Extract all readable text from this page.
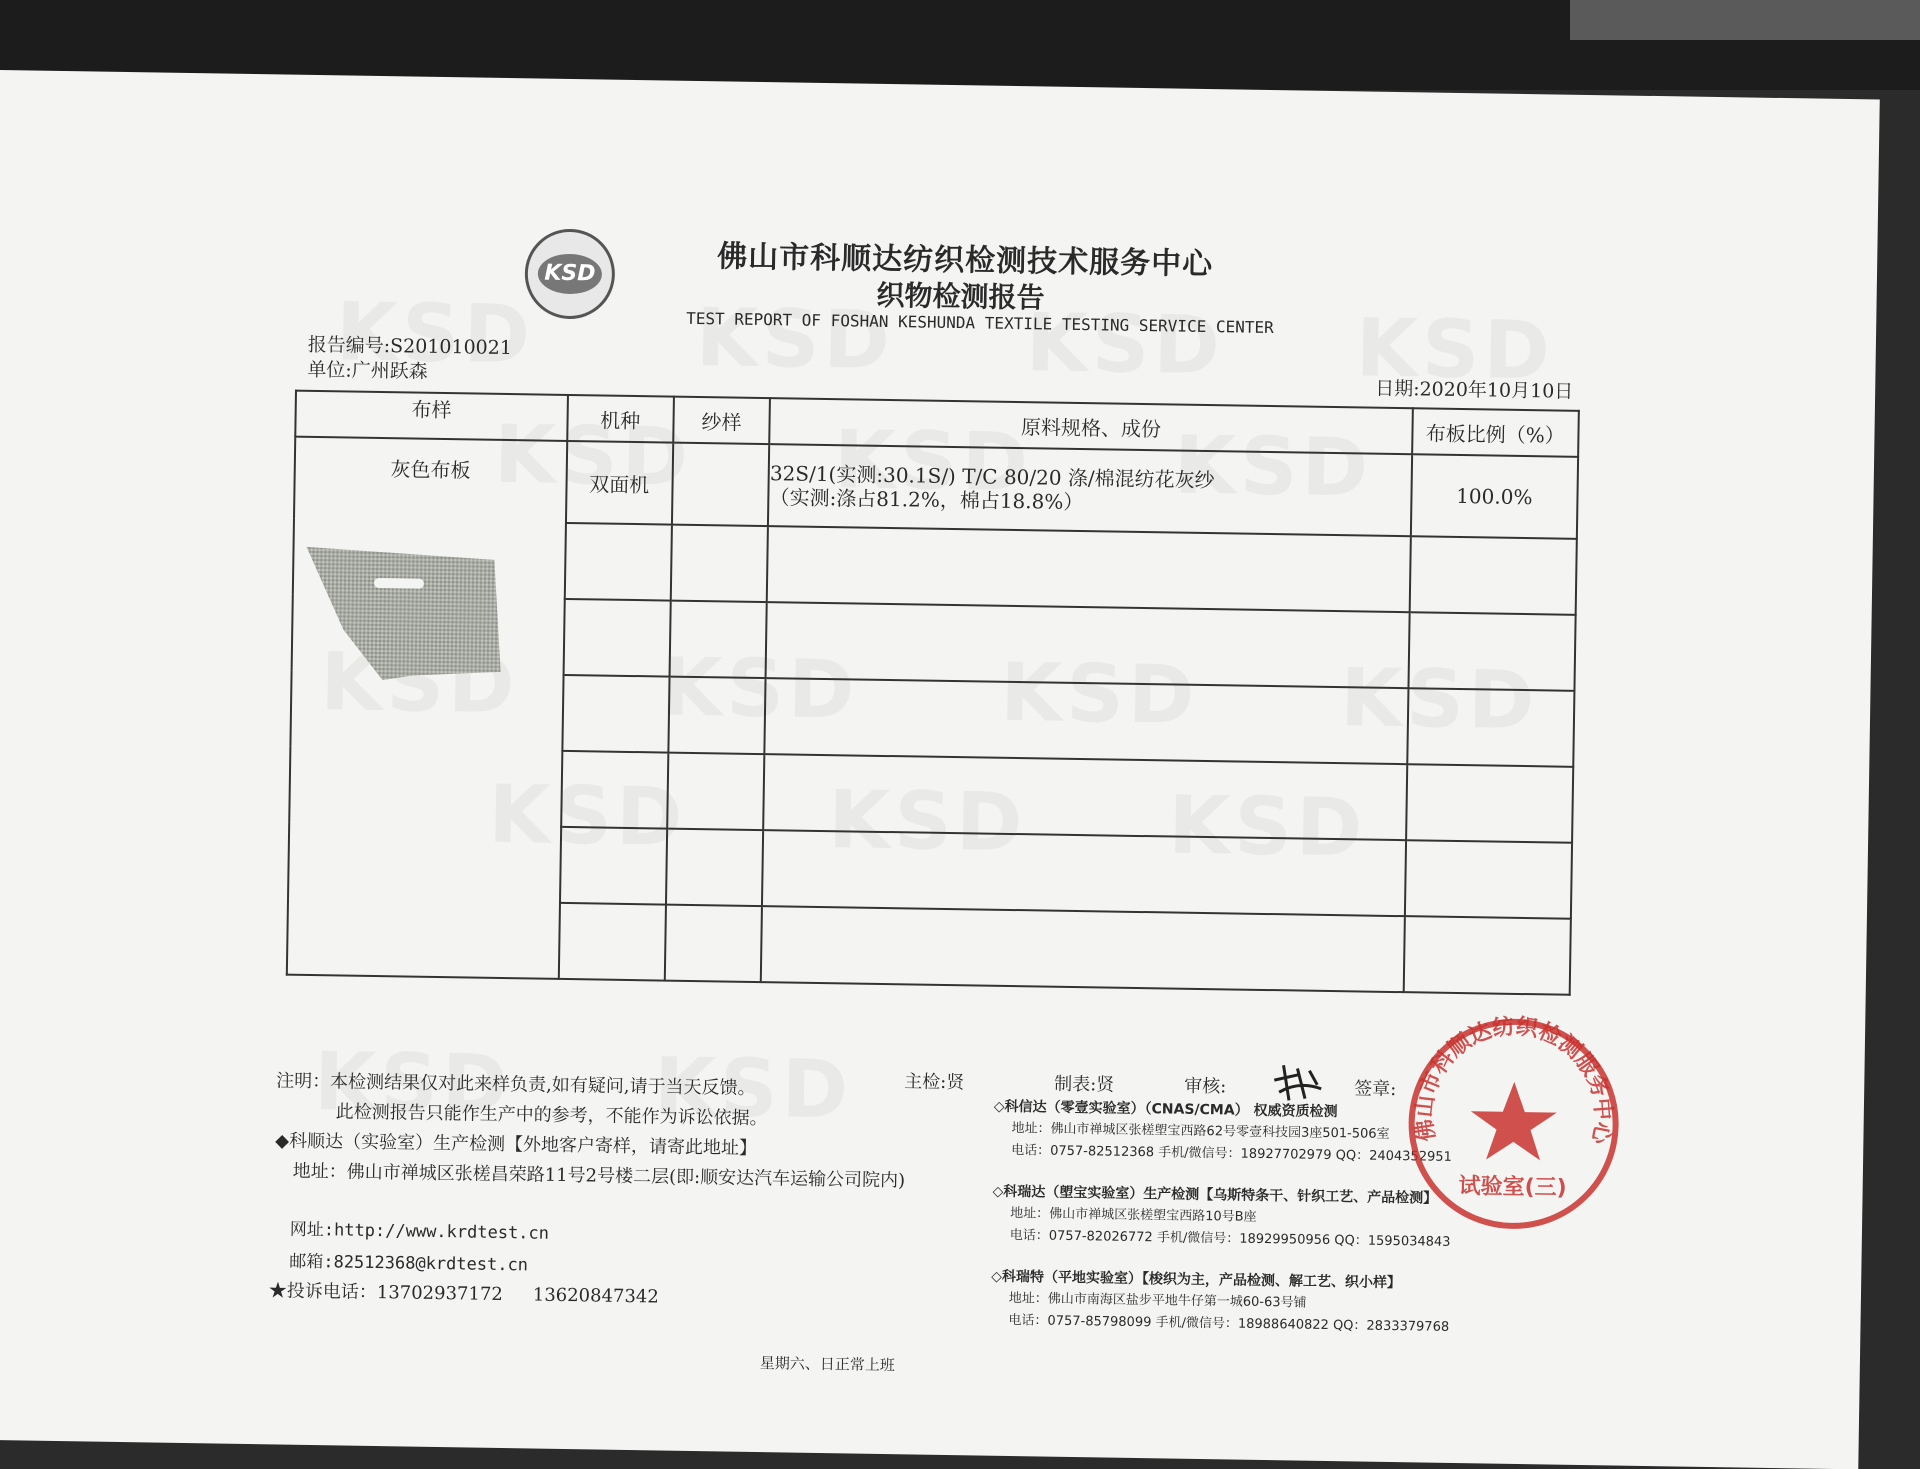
KSD	佛山市科顺达纺织检测技术服务中心
织物检测报告
TEST REPORT OF FOSHAN KESHUNDA TEXTILE TESTING SERVICE CENTER
报告编号:S201010021
单位:广州跃森
日期:2020年10月10日
布样	机种	纱样	原料规格、成份	布板比例（%）

灰色布板	双面机		32S/1(实测:30.1S/) T/C 80/20 涤/棉混纺花灰纱
（实测:涤占81.2%，棉占18.8%）	100.0%

主检:贤	制表:贤	审核:	签章:
注明：本检测结果仅对此来样负责,如有疑问,请于当天反馈。
此检测报告只能作生产中的参考，不能作为诉讼依据。
◆科顺达（实验室）生产检测【外地客户寄样，请寄此地址】
地址：佛山市禅城区张槎昌荣路11号2号楼二层(即:顺安达汽车运输公司院内)
网址:http://www.krdtest.cn
邮箱:82512368@krdtest.cn
★投诉电话：13702937172 13620847342
◇科信达（零壹实验室）（CNAS/CMA） 权威资质检测
地址：佛山市禅城区张槎塱宝西路62号零壹科技园3座501-506室
电话：0757-82512368 手机/微信号：18927702979 QQ：2404352951
◇科瑞达（塱宝实验室）生产检测【乌斯特条干、针织工艺、产品检测】
地址：佛山市禅城区张槎塱宝西路10号B座
电话：0757-82026772 手机/微信号：18929950956 QQ：1595034843
◇科瑞特（平地实验室）【梭织为主，产品检测、解工艺、织小样】
地址：佛山市南海区盐步平地牛仔第一城60-63号铺
电话：0757-85798099 手机/微信号：18988640822 QQ：2833379768
星期六、日正常上班
佛山市科顺达纺织检测服务中心
试验室(三)
